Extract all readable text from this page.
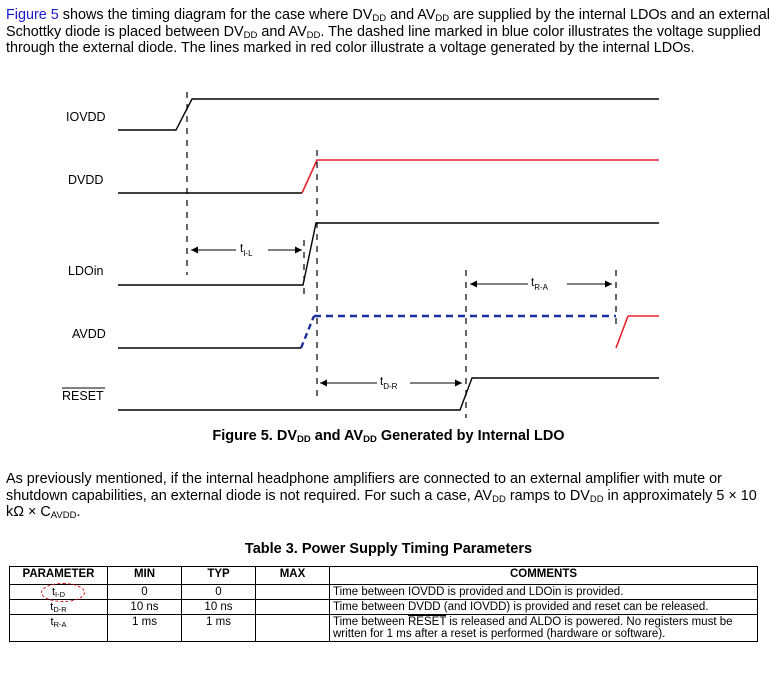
Figure 5 shows the timing diagram for the case where $DV_{DD}$ and $AV_{DD}$ are supplied by the internal LDOs and an external Schottky diode is placed between $DV_{DD}$ and $AV_{DD}$. The dashed line marked in blue color illustrates the voltage supplied through the external diode. The lines marked in red color illustrate a voltage generated by the internal LDOs.
IOVDD
DVDD
LDOin
AVDD
RESET
$t_{I-L}$
$t_{R-A}$
$t_{D-R}$
Figure 5. $DV_{DD}$ and $AV_{DD}$ Generated by Internal LDO
As previously mentioned, if the internal headphone amplifiers are connected to an external amplifier with mute or shutdown capabilities, an external diode is not required. For such a case, $AV_{DD}$ ramps to $DV_{DD}$ in approximately 5 × 10 $k\Omega \times C_{AVDD}$.
Table 3. Power Supply Timing Parameters
PARAMETER	MIN	TYP	MAX	COMMENTS

$t_{I-D}$	0	0		Time between IOVDD is provided and LDOin is provided.
$t_{D-R}$	10 ns	10 ns		Time between DVDD (and IOVDD) is provided and reset can be released.
$t_{R-A}$	1 ms	1 ms		Time between RESET is released and ALDO is powered. No registers must be written for 1 ms after a reset is performed (hardware or software).
